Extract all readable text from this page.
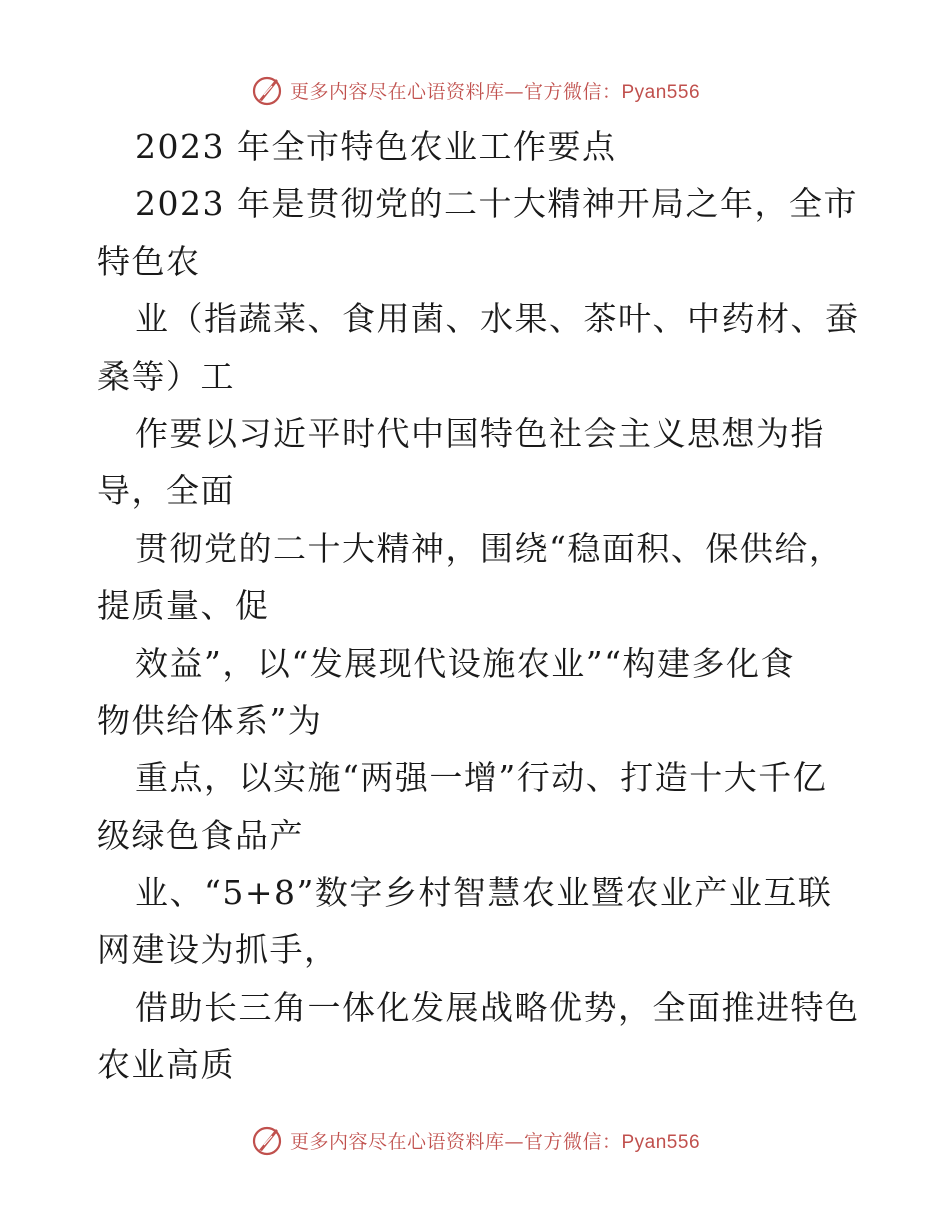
更多内容尽在心语资料库—官方微信：Pyan556
2023 年全市特色农业工作要点
2023 年是贯彻党的二十大精神开局之年，全市
特色农
业（指蔬菜、食用菌、水果、茶叶、中药材、蚕
桑等）工
作要以习近平时代中国特色社会主义思想为指
导，全面
贯彻党的二十大精神，围绕“稳面积、保供给，
提质量、促
效益”，以“发展现代设施农业”“构建多化食
物供给体系”为
重点，以实施“两强一增”行动、打造十大千亿
级绿色食品产
业、“5+8”数字乡村智慧农业暨农业产业互联
网建设为抓手，
借助长三角一体化发展战略优势，全面推进特色
农业高质
更多内容尽在心语资料库—官方微信：Pyan556
